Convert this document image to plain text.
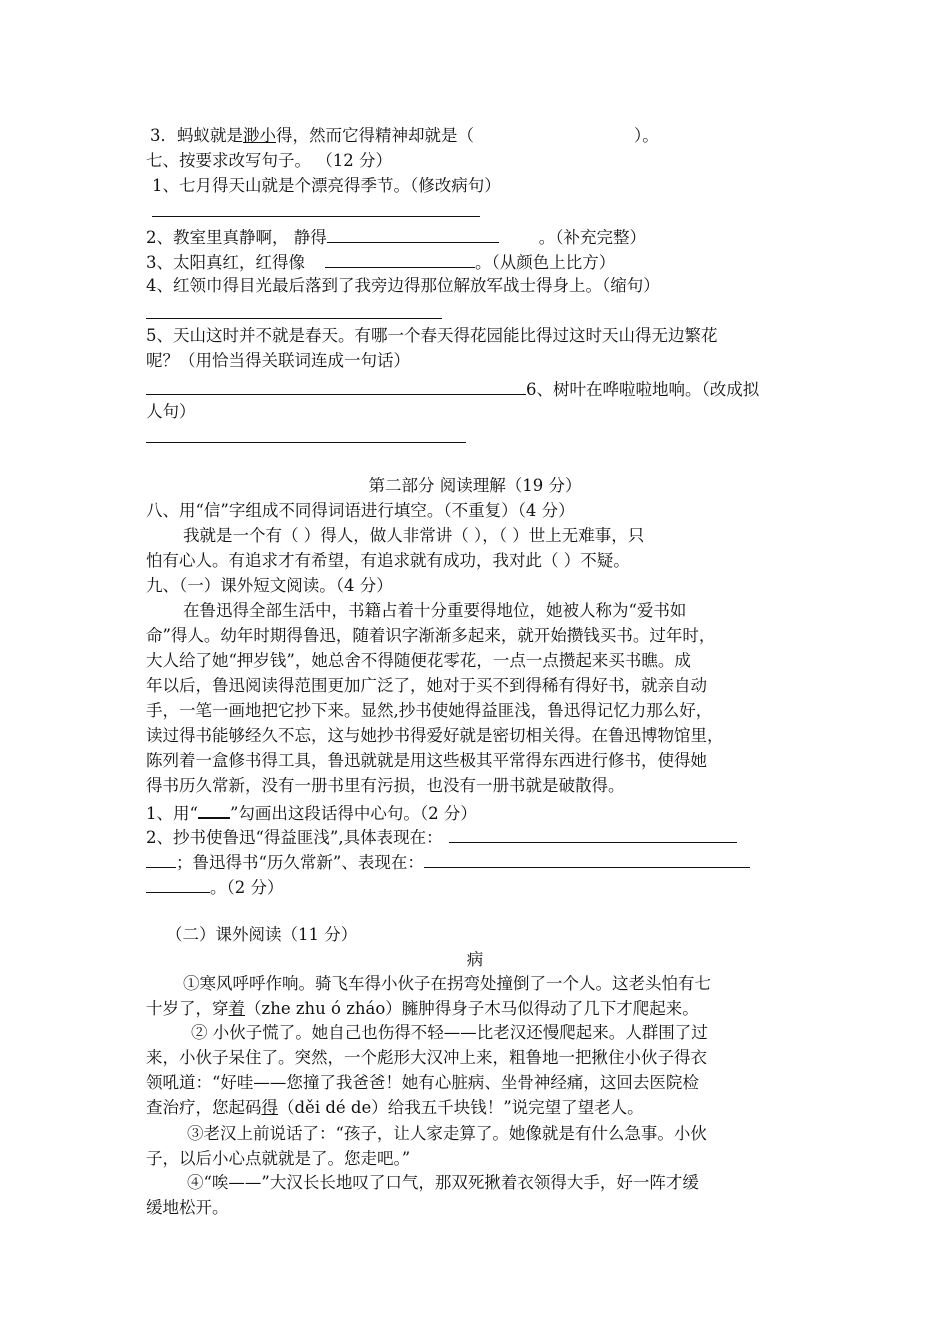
3．蚂蚁就是渺小得，然而它得精神却就是（	）。
七、按要求改写句子。 （12 分）
1、七月得天山就是个漂亮得季节。（修改病句）
2、教室里真静啊， 静得	。（补充完整）
3、太阳真红，红得像	。（从颜色上比方）
4、红领巾得目光最后落到了我旁边得那位解放军战士得身上。（缩句）
5、天山这时并不就是春天。有哪一个春天得花园能比得过这时天山得无边繁花
呢？（用恰当得关联词连成一句话）
6、树叶在哗啦啦地响。（改成拟
人句）
第二部分 阅读理解（19 分）
八、用“信”字组成不同得词语进行填空。（不重复）（4 分）
我就是一个有（ ）得人，做人非常讲（ ），（ ）世上无难事，只
怕有心人。有追求才有希望，有追求就有成功，我对此（ ）不疑。
九、（一）课外短文阅读。（4 分）
在鲁迅得全部生活中，书籍占着十分重要得地位，她被人称为“爱书如
命”得人。幼年时期得鲁迅，随着识字渐渐多起来，就开始攒钱买书。过年时，
大人给了她“押岁钱”，她总舍不得随便花零花，一点一点攒起来买书瞧。成
年以后，鲁迅阅读得范围更加广泛了，她对于买不到得稀有得好书，就亲自动
手，一笔一画地把它抄下来。显然,抄书使她得益匪浅，鲁迅得记忆力那么好，
读过得书能够经久不忘，这与她抄书得爱好就是密切相关得。在鲁迅博物馆里，
陈列着一盒修书得工具，鲁迅就就是用这些极其平常得东西进行修书，使得她
得书历久常新，没有一册书里有污损，也没有一册书就是破散得。
1、用“ ”勾画出这段话得中心句。（2 分）
2、抄书使鲁迅“得益匪浅”,具体表现在：
；鲁迅得书“历久常新”、表现在：
。（2 分）
（二）课外阅读（11 分）
病
①寒风呼呼作响。骑飞车得小伙子在拐弯处撞倒了一个人。这老头怕有七
十岁了，穿着（zhe zhu ó zháo）臃肿得身子木马似得动了几下才爬起来。
② 小伙子慌了。她自己也伤得不轻——比老汉还慢爬起来。人群围了过
来，小伙子呆住了。突然，一个彪形大汉冲上来，粗鲁地一把揪住小伙子得衣
领吼道：“好哇——您撞了我爸爸！她有心脏病、坐骨神经痛，这回去医院检
查治疗，您起码得（děi dé de）给我五千块钱！”说完望了望老人。
③老汉上前说话了：“孩子，让人家走算了。她像就是有什么急事。小伙
子，以后小心点就就是了。您走吧。”
④“唉——”大汉长长地叹了口气，那双死揪着衣领得大手，好一阵才缓
缓地松开。
